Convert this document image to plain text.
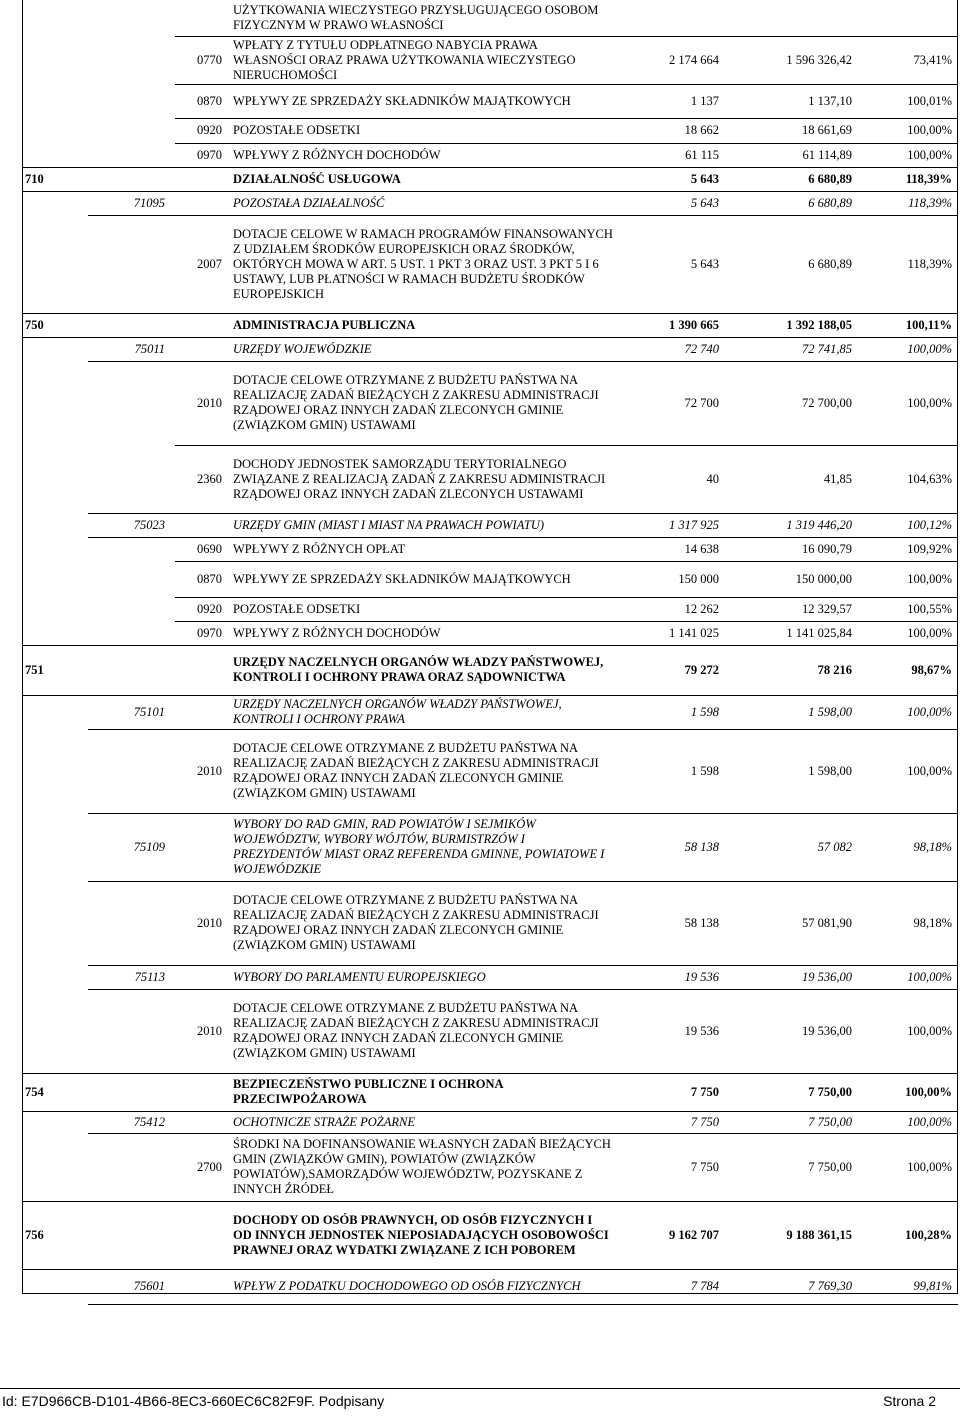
			UŻYTKOWANIA WIECZYSTEGO PRZYSŁUGUJĄCEGO OSOBOM FIZYCZNYM W PRAWO WŁASNOŚCI			
		0770	WPŁATY Z TYTUŁU ODPŁATNEGO NABYCIA PRAWA WŁASNOŚCI ORAZ PRAWA UŻYTKOWANIA WIECZYSTEGO NIERUCHOMOŚCI	2 174 664	1 596 326,42	73,41%
		0870	WPŁYWY ZE SPRZEDAŻY SKŁADNIKÓW MAJĄTKOWYCH	1 137	1 137,10	100,01%
		0920	POZOSTAŁE ODSETKI	18 662	18 661,69	100,00%
		0970	WPŁYWY Z RÓŻNYCH DOCHODÓW	61 115	61 114,89	100,00%
710			DZIAŁALNOŚĆ USŁUGOWA	5 643	6 680,89	118,39%
	71095		POZOSTAŁA DZIAŁALNOŚĆ	5 643	6 680,89	118,39%
		2007	DOTACJE CELOWE W RAMACH PROGRAMÓW FINANSOWANYCH Z UDZIAŁEM ŚRODKÓW EUROPEJSKICH ORAZ ŚRODKÓW, OKTÓRYCH MOWA W ART. 5 UST. 1 PKT 3 ORAZ UST. 3 PKT 5 I 6 USTAWY, LUB PŁATNOŚCI W RAMACH BUDŻETU ŚRODKÓW EUROPEJSKICH	5 643	6 680,89	118,39%
750			ADMINISTRACJA PUBLICZNA	1 390 665	1 392 188,05	100,11%
	75011		URZĘDY WOJEWÓDZKIE	72 740	72 741,85	100,00%
		2010	DOTACJE CELOWE OTRZYMANE Z BUDŻETU PAŃSTWA NA REALIZACJĘ ZADAŃ BIEŻĄCYCH Z ZAKRESU ADMINISTRACJI RZĄDOWEJ ORAZ INNYCH ZADAŃ ZLECONYCH GMINIE (ZWIĄZKOM GMIN) USTAWAMI	72 700	72 700,00	100,00%
		2360	DOCHODY JEDNOSTEK SAMORZĄDU TERYTORIALNEGO ZWIĄZANE Z REALIZACJĄ ZADAŃ Z ZAKRESU ADMINISTRACJI RZĄDOWEJ ORAZ INNYCH ZADAŃ ZLECONYCH USTAWAMI	40	41,85	104,63%
	75023		URZĘDY GMIN (MIAST I MIAST NA PRAWACH POWIATU)	1 317 925	1 319 446,20	100,12%
		0690	WPŁYWY Z RÓŻNYCH OPŁAT	14 638	16 090,79	109,92%
		0870	WPŁYWY ZE SPRZEDAŻY SKŁADNIKÓW MAJĄTKOWYCH	150 000	150 000,00	100,00%
		0920	POZOSTAŁE ODSETKI	12 262	12 329,57	100,55%
		0970	WPŁYWY Z RÓŻNYCH DOCHODÓW	1 141 025	1 141 025,84	100,00%
751			URZĘDY NACZELNYCH ORGANÓW WŁADZY PAŃSTWOWEJ, KONTROLI I OCHRONY PRAWA ORAZ SĄDOWNICTWA	79 272	78 216	98,67%
	75101		URZĘDY NACZELNYCH ORGANÓW WŁADZY PAŃSTWOWEJ, KONTROLI I OCHRONY PRAWA	1 598	1 598,00	100,00%
		2010	DOTACJE CELOWE OTRZYMANE Z BUDŻETU PAŃSTWA NA REALIZACJĘ ZADAŃ BIEŻĄCYCH Z ZAKRESU ADMINISTRACJI RZĄDOWEJ ORAZ INNYCH ZADAŃ ZLECONYCH GMINIE (ZWIĄZKOM GMIN) USTAWAMI	1 598	1 598,00	100,00%
	75109		WYBORY DO RAD GMIN, RAD POWIATÓW I SEJMIKÓW WOJEWÓDZTW, WYBORY WÓJTÓW, BURMISTRZÓW I PREZYDENTÓW MIAST ORAZ REFERENDA GMINNE, POWIATOWE I WOJEWÓDZKIE	58 138	57 082	98,18%
		2010	DOTACJE CELOWE OTRZYMANE Z BUDŻETU PAŃSTWA NA REALIZACJĘ ZADAŃ BIEŻĄCYCH Z ZAKRESU ADMINISTRACJI RZĄDOWEJ ORAZ INNYCH ZADAŃ ZLECONYCH GMINIE (ZWIĄZKOM GMIN) USTAWAMI	58 138	57 081,90	98,18%
	75113		WYBORY DO PARLAMENTU EUROPEJSKIEGO	19 536	19 536,00	100,00%
		2010	DOTACJE CELOWE OTRZYMANE Z BUDŻETU PAŃSTWA NA REALIZACJĘ ZADAŃ BIEŻĄCYCH Z ZAKRESU ADMINISTRACJI RZĄDOWEJ ORAZ INNYCH ZADAŃ ZLECONYCH GMINIE (ZWIĄZKOM GMIN) USTAWAMI	19 536	19 536,00	100,00%
754			BEZPIECZEŃSTWO PUBLICZNE I OCHRONA PRZECIWPOŻAROWA	7 750	7 750,00	100,00%
	75412		OCHOTNICZE STRAŻE POŻARNE	7 750	7 750,00	100,00%
		2700	ŚRODKI NA DOFINANSOWANIE WŁASNYCH ZADAŃ BIEŻĄCYCH GMIN (ZWIĄZKÓW GMIN), POWIATÓW (ZWIĄZKÓW POWIATÓW),SAMORZĄDÓW WOJEWÓDZTW, POZYSKANE Z INNYCH ŹRÓDEŁ	7 750	7 750,00	100,00%
756			DOCHODY OD OSÓB PRAWNYCH, OD OSÓB FIZYCZNYCH I OD INNYCH JEDNOSTEK NIEPOSIADAJĄCYCH OSOBOWOŚCI PRAWNEJ ORAZ WYDATKI ZWIĄZANE Z ICH POBOREM	9 162 707	9 188 361,15	100,28%
	75601		WPŁYW Z PODATKU DOCHODOWEGO OD OSÓB FIZYCZNYCH	7 784	7 769,30	99,81%
Id: E7D966CB-D101-4B66-8EC3-660EC6C82F9F. Podpisany	Strona 2
